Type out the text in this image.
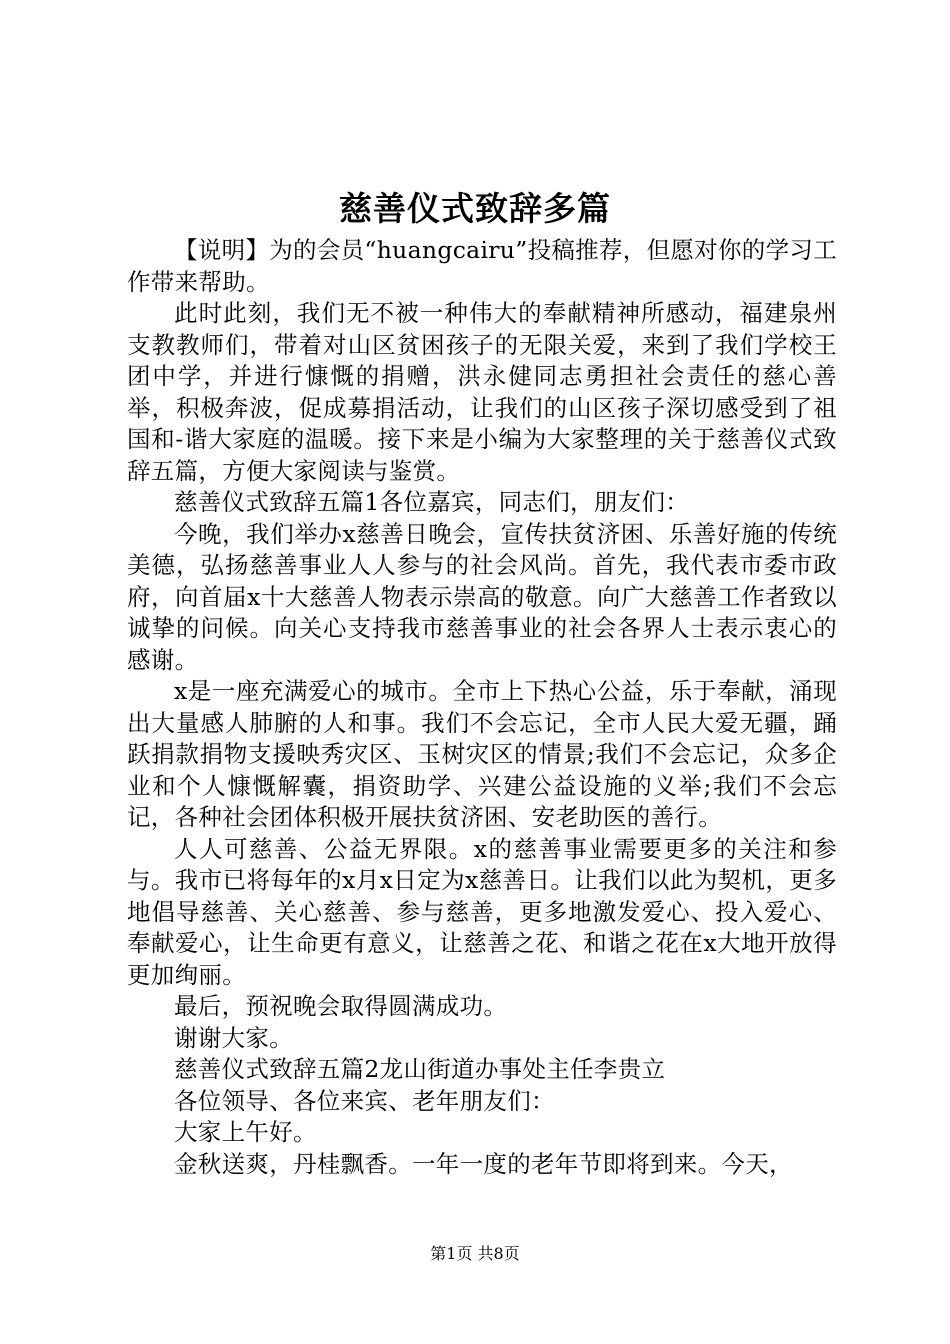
慈善仪式致辞多篇

【说明】为的会员“huangcairu”投稿推荐，但愿对你的学习工作带来帮助。

此时此刻，我们无不被一种伟大的奉献精神所感动，福建泉州支教教师们，带着对山区贫困孩子的无限关爱，来到了我们学校王团中学，并进行慷慨的捐赠，洪永健同志勇担社会责任的慈心善举，积极奔波，促成募捐活动，让我们的山区孩子深切感受到了祖国和-谐大家庭的温暖。接下来是小编为大家整理的关于慈善仪式致辞五篇，方便大家阅读与鉴赏。

慈善仪式致辞五篇1各位嘉宾，同志们，朋友们：

今晚，我们举办x慈善日晚会，宣传扶贫济困、乐善好施的传统美德，弘扬慈善事业人人参与的社会风尚。首先，我代表市委市政府，向首届x十大慈善人物表示崇高的敬意。向广大慈善工作者致以诚挚的问候。向关心支持我市慈善事业的社会各界人士表示衷心的感谢。

x是一座充满爱心的城市。全市上下热心公益，乐于奉献，涌现出大量感人肺腑的人和事。我们不会忘记，全市人民大爱无疆，踊跃捐款捐物支援映秀灾区、玉树灾区的情景;我们不会忘记，众多企业和个人慷慨解囊，捐资助学、兴建公益设施的义举;我们不会忘记，各种社会团体积极开展扶贫济困、安老助医的善行。

人人可慈善、公益无界限。x的慈善事业需要更多的关注和参与。我市已将每年的x月x日定为x慈善日。让我们以此为契机，更多地倡导慈善、关心慈善、参与慈善，更多地激发爱心、投入爱心、奉献爱心，让生命更有意义，让慈善之花、和谐之花在x大地开放得更加绚丽。

最后，预祝晚会取得圆满成功。

谢谢大家。

慈善仪式致辞五篇2龙山街道办事处主任李贵立

各位领导、各位来宾、老年朋友们：

大家上午好。

金秋送爽，丹桂飘香。一年一度的老年节即将到来。今天，

第1页 共8页
